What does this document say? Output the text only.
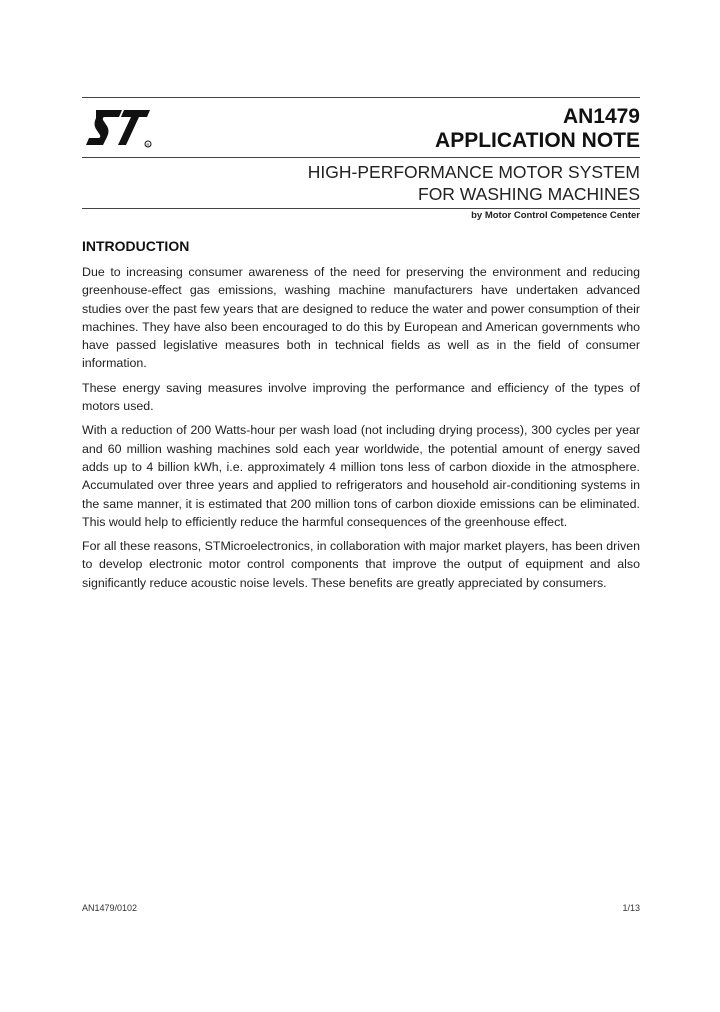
R
AN1479
APPLICATION NOTE
HIGH-PERFORMANCE MOTOR SYSTEM
FOR WASHING MACHINES
by Motor Control Competence Center
INTRODUCTION

Due to increasing consumer awareness of the need for preserving the environment and reducing greenhouse-effect gas emissions, washing machine manufacturers have undertaken advanced studies over the past few years that are designed to reduce the water and power consumption of their machines. They have also been encouraged to do this by European and American governments who have passed legislative measures both in technical fields as well as in the field of consumer information.

These energy saving measures involve improving the performance and efficiency of the types of motors used.

With a reduction of 200 Watts-hour per wash load (not including drying process), 300 cycles per year and 60 million washing machines sold each year worldwide, the potential amount of energy saved adds up to 4 billion kWh, i.e. approximately 4 million tons less of carbon dioxide in the atmosphere. Accumulated over three years and applied to refrigerators and household air-conditioning systems in the same manner, it is estimated that 200 million tons of carbon dioxide emissions can be eliminated. This would help to efficiently reduce the harmful consequences of the greenhouse effect.

For all these reasons, STMicroelectronics, in collaboration with major market players, has been driven to develop electronic motor control components that improve the output of equipment and also significantly reduce acoustic noise levels. These benefits are greatly appreciated by consumers.

AN1479/0102	1/13
